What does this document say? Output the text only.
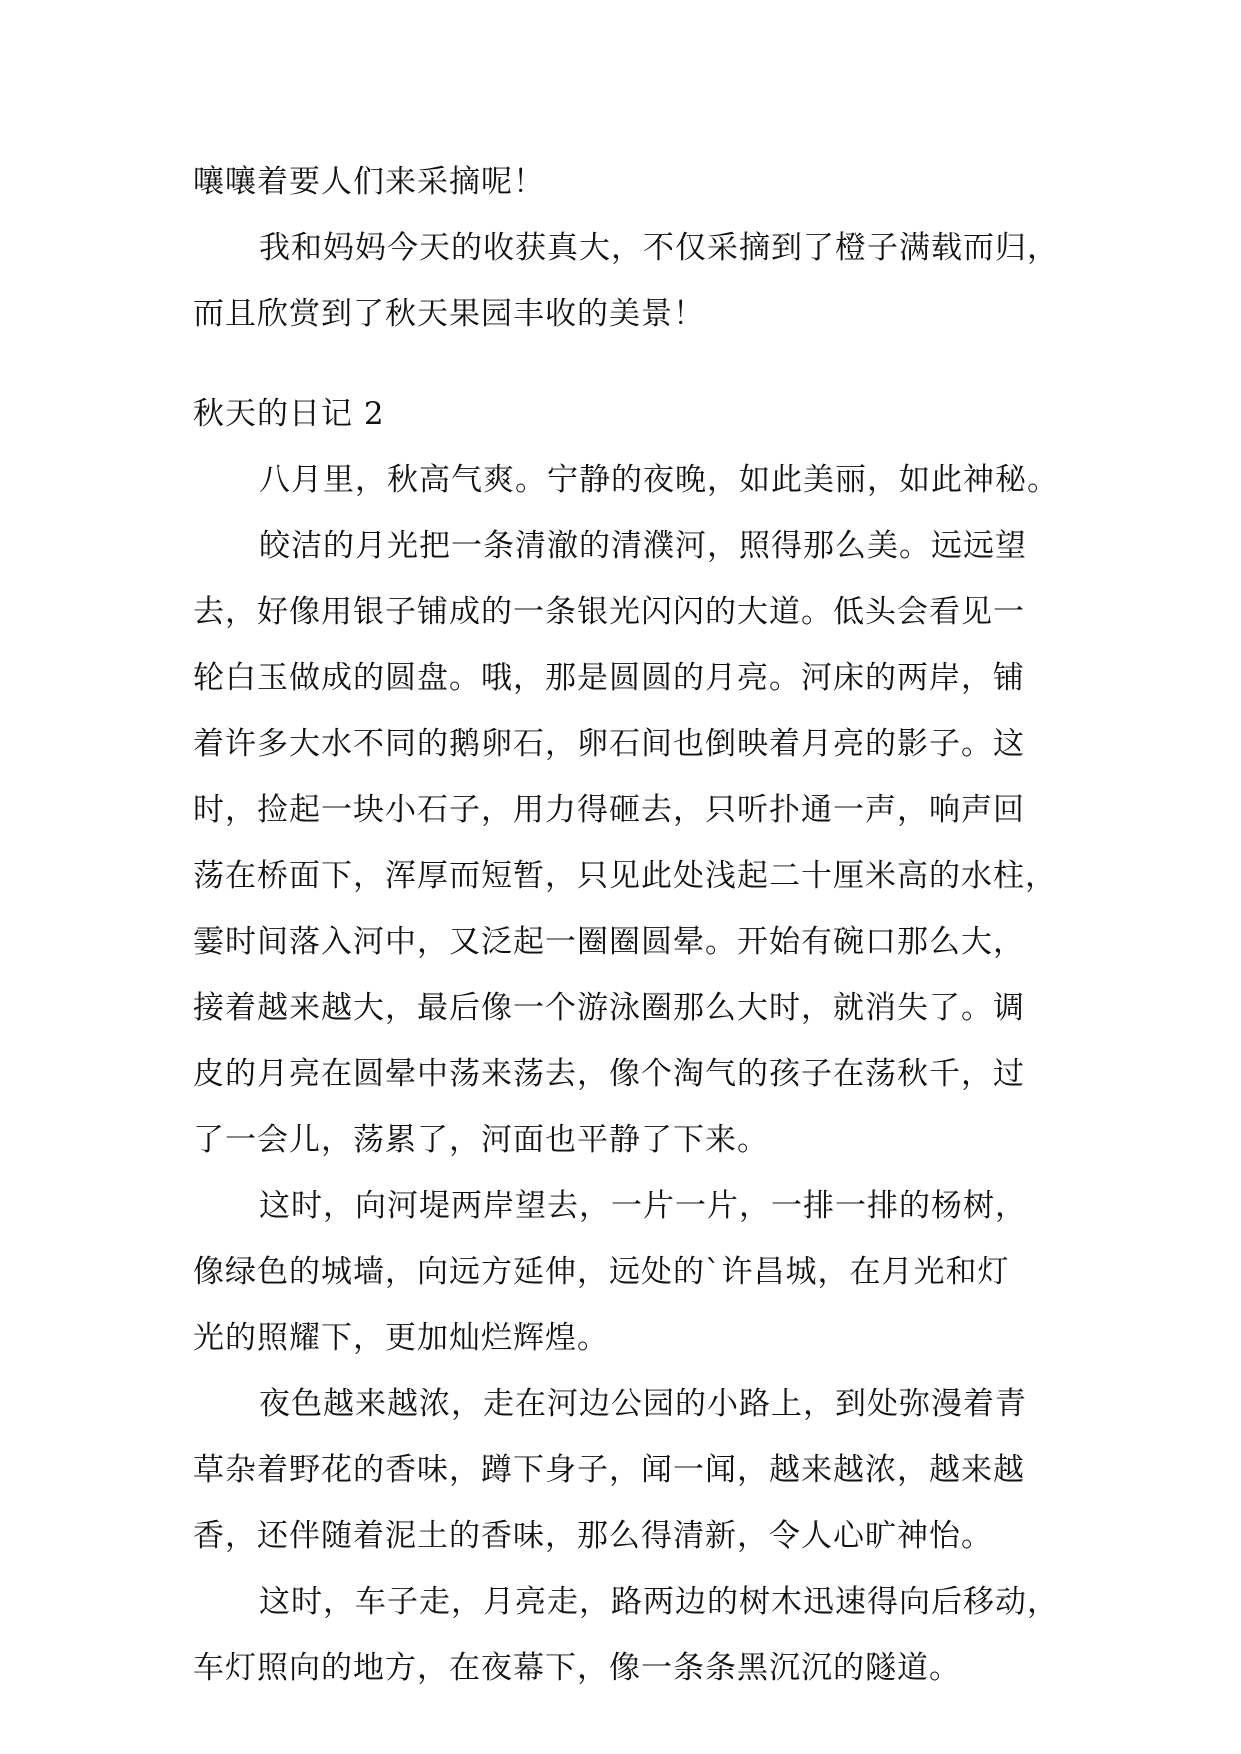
嚷嚷着要人们来采摘呢！
我和妈妈今天的收获真大，不仅采摘到了橙子满载而归，
而且欣赏到了秋天果园丰收的美景！
秋天的日记 2
八月里，秋高气爽。宁静的夜晚，如此美丽，如此神秘。
皎洁的月光把一条清澈的清濮河，照得那么美。远远望
去，好像用银子铺成的一条银光闪闪的大道。低头会看见一
轮白玉做成的圆盘。哦，那是圆圆的月亮。河床的两岸，铺
着许多大水不同的鹅卵石，卵石间也倒映着月亮的影子。这
时，捡起一块小石子，用力得砸去，只听扑通一声，响声回
荡在桥面下，浑厚而短暂，只见此处浅起二十厘米高的水柱，
霎时间落入河中，又泛起一圈圈圆晕。开始有碗口那么大，
接着越来越大，最后像一个游泳圈那么大时，就消失了。调
皮的月亮在圆晕中荡来荡去，像个淘气的孩子在荡秋千，过
了一会儿，荡累了，河面也平静了下来。
这时，向河堤两岸望去，一片一片，一排一排的杨树，
像绿色的城墙，向远方延伸，远处的`许昌城，在月光和灯
光的照耀下，更加灿烂辉煌。
夜色越来越浓，走在河边公园的小路上，到处弥漫着青
草杂着野花的香味，蹲下身子，闻一闻，越来越浓，越来越
香，还伴随着泥土的香味，那么得清新，令人心旷神怡。
这时，车子走，月亮走，路两边的树木迅速得向后移动，
车灯照向的地方，在夜幕下，像一条条黑沉沉的隧道。
